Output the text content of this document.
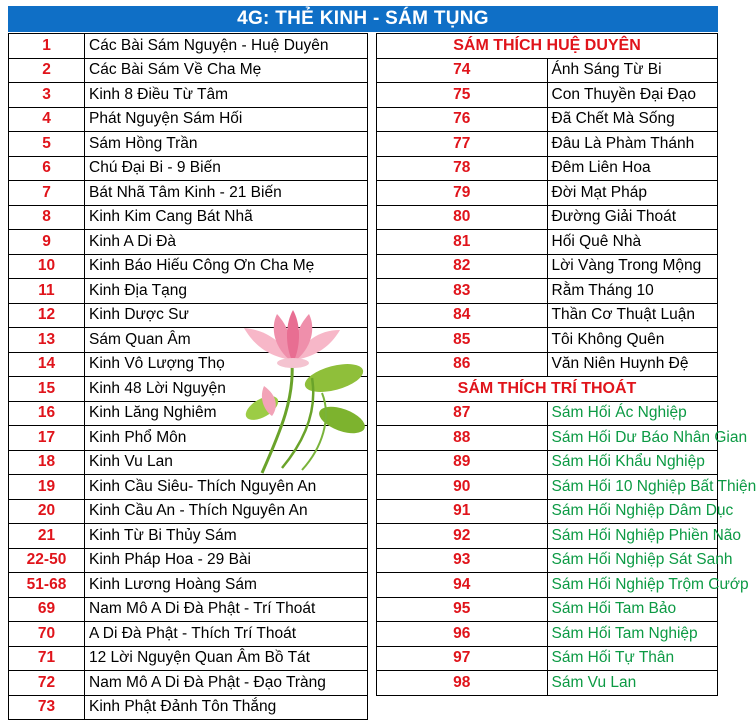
4G: THẺ KINH - SÁM TỤNG
1	Các Bài Sám Nguyện - Huệ Duyên
2	Các Bài Sám Về Cha Mẹ
3	Kinh 8 Điều Từ Tâm
4	Phát Nguyện Sám Hối
5	Sám Hồng Trần
6	Chú Đại Bi - 9 Biến
7	Bát Nhã Tâm Kinh - 21 Biến
8	Kinh Kim Cang Bát Nhã
9	Kinh A Di Đà
10	Kinh Báo Hiếu Công Ơn Cha Mẹ
11	Kinh Địa Tạng
12	Kinh Dược Sư
13	Sám Quan Âm
14	Kinh Vô Lượng Thọ
15	Kinh 48 Lời Nguyện
16	Kinh Lăng Nghiêm
17	Kinh Phổ Môn
18	Kinh Vu Lan
19	Kinh Cầu Siêu- Thích Nguyên An
20	Kinh Cầu An - Thích Nguyên An
21	Kinh Từ Bi Thủy Sám
22-50	Kinh Pháp Hoa - 29 Bài
51-68	Kinh Lương Hoàng Sám
69	Nam Mô A Di Đà Phật - Trí Thoát
70	A Di Đà Phật - Thích Trí Thoát
71	12 Lời Nguyện Quan Âm Bồ Tát
72	Nam Mô A Di Đà Phật - Đạo Tràng
73	Kinh Phật Đảnh Tôn Thắng
SÁM THÍCH HUỆ DUYÊN	
74	Ánh Sáng Từ Bi
75	Con Thuyền Đại Đạo
76	Đã Chết Mà Sống
77	Đâu Là Phàm Thánh
78	Đêm Liên Hoa
79	Đời Mạt Pháp
80	Đường Giải Thoát
81	Hối Quê Nhà
82	Lời Vàng Trong Mộng
83	Rằm Tháng 10
84	Thần Cơ Thuật Luận
85	Tôi Không Quên
86	Văn Niên Huynh Đệ
SÁM THÍCH TRÍ THOÁT	
87	Sám Hối Ác Nghiệp
88	Sám Hối Dư Báo Nhân Gian
89	Sám Hối Khẩu Nghiệp
90	Sám Hối 10 Nghiệp Bất Thiện
91	Sám Hối Nghiệp Dâm Dục
92	Sám Hối Nghiệp Phiền Não
93	Sám Hối Nghiệp Sát Sanh
94	Sám Hối Nghiệp Trộm Cướp
95	Sám Hối Tam Bảo
96	Sám Hối Tam Nghiệp
97	Sám Hối Tự Thân
98	Sám Vu Lan
